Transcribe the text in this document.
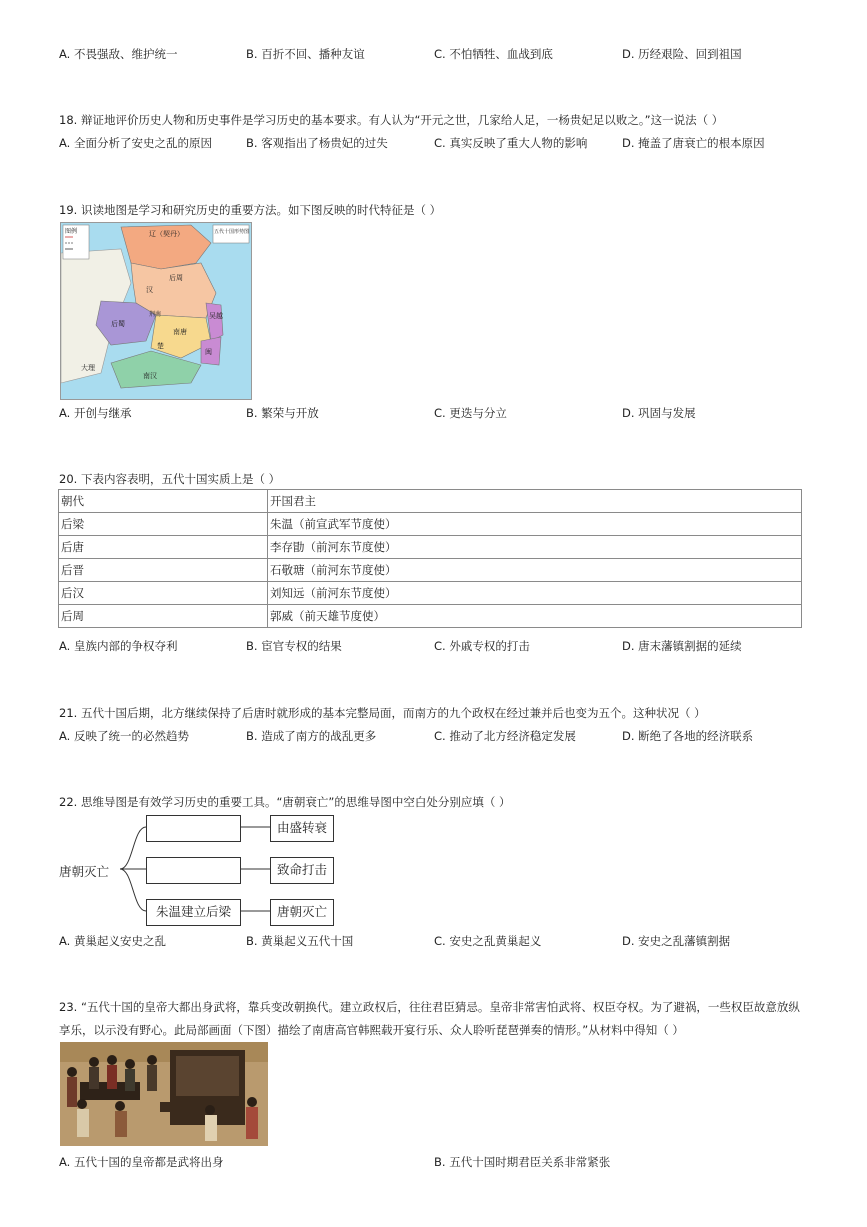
A. 不畏强敌、维护统一	B. 百折不回、播种友谊	C. 不怕牺牲、血战到底	D. 历经艰险、回到祖国
18. 辩证地评价历史人物和历史事件是学习历史的基本要求。有人认为“开元之世，几家给人足，一杨贵妃足以败之。”这一说法（ ）
A. 全面分析了安史之乱的原因	B. 客观指出了杨贵妃的过失	C. 真实反映了重大人物的影响	D. 掩盖了唐衰亡的根本原因
19. 识读地图是学习和研究历史的重要方法。如下图反映的时代特征是（ ）
图例	五代十国形势图
辽（契丹）
后周
汉
后蜀
南唐
楚
吴越
南汉
闽
荆南
大理
A. 开创与继承	B. 繁荣与开放	C. 更迭与分立	D. 巩固与发展
20. 下表内容表明，五代十国实质上是（ ）
朝代	开国君主
后梁	朱温（前宣武军节度使）
后唐	李存勖（前河东节度使）
后晋	石敬瑭（前河东节度使）
后汉	刘知远（前河东节度使）
后周	郭威（前天雄节度使）
A. 皇族内部的争权夺利	B. 宦官专权的结果	C. 外戚专权的打击	D. 唐末藩镇割据的延续
21. 五代十国后期，北方继续保持了后唐时就形成的基本完整局面，而南方的九个政权在经过兼并后也变为五个。这种状况（ ）
A. 反映了统一的必然趋势	B. 造成了南方的战乱更多	C. 推动了北方经济稳定发展	D. 断绝了各地的经济联系
22. 思维导图是有效学习历史的重要工具。“唐朝衰亡”的思维导图中空白处分别应填（ ）
唐朝灭亡
朱温建立后梁
由盛转衰
致命打击
唐朝灭亡
A. 黄巢起义安史之乱	B. 黄巢起义五代十国	C. 安史之乱黄巢起义	D. 安史之乱藩镇割据
23. “五代十国的皇帝大都出身武将，靠兵变改朝换代。建立政权后，往往君臣猜忌。皇帝非常害怕武将、权臣夺权。为了避祸，一些权臣故意放纵
享乐，以示没有野心。此局部画面（下图）描绘了南唐高官韩熙载开宴行乐、众人聆听琵琶弹奏的情形。”从材料中得知（ ）
A. 五代十国的皇帝都是武将出身	B. 五代十国时期君臣关系非常紧张
